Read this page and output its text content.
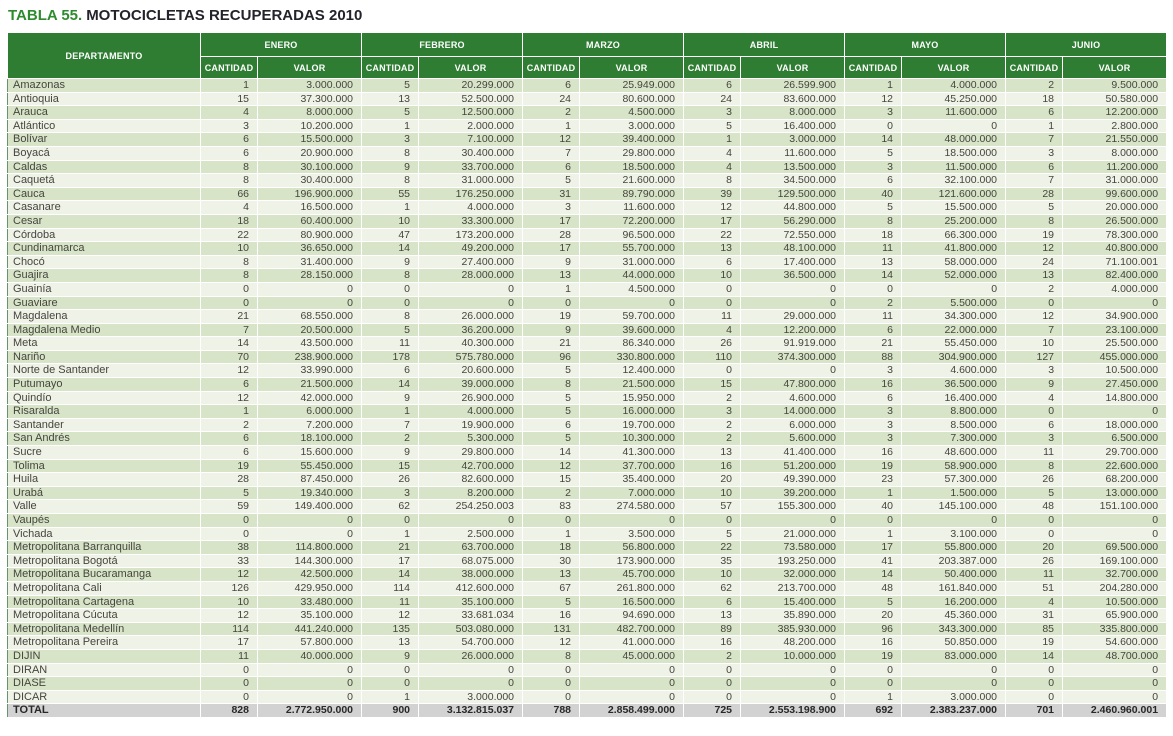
TABLA 55. MOTOCICLETAS RECUPERADAS 2010
DEPARTAMENTO	ENERO		FEBRERO		MARZO		ABRIL		MAYO		JUNIO	
	CANTIDAD	VALOR	CANTIDAD	VALOR	CANTIDAD	VALOR	CANTIDAD	VALOR	CANTIDAD	VALOR	CANTIDAD	VALOR
Amazonas	1	3.000.000	5	20.299.000	6	25.949.000	6	26.599.900	1	4.000.000	2	9.500.000
Antioquia	15	37.300.000	13	52.500.000	24	80.600.000	24	83.600.000	12	45.250.000	18	50.580.000
Arauca	4	8.000.000	5	12.500.000	2	4.500.000	3	8.000.000	3	11.600.000	6	12.200.000
Atlántico	3	10.200.000	1	2.000.000	1	3.000.000	5	16.400.000	0	0	1	2.800.000
Bolívar	6	15.500.000	3	7.100.000	12	39.400.000	1	3.000.000	14	48.000.000	7	21.550.000
Boyacá	6	20.900.000	8	30.400.000	7	29.800.000	4	11.600.000	5	18.500.000	3	8.000.000
Caldas	8	30.100.000	9	33.700.000	6	18.500.000	4	13.500.000	3	11.500.000	6	11.200.000
Caquetá	8	30.400.000	8	31.000.000	5	21.600.000	8	34.500.000	6	32.100.000	7	31.000.000
Cauca	66	196.900.000	55	176.250.000	31	89.790.000	39	129.500.000	40	121.600.000	28	99.600.000
Casanare	4	16.500.000	1	4.000.000	3	11.600.000	12	44.800.000	5	15.500.000	5	20.000.000
Cesar	18	60.400.000	10	33.300.000	17	72.200.000	17	56.290.000	8	25.200.000	8	26.500.000
Córdoba	22	80.900.000	47	173.200.000	28	96.500.000	22	72.550.000	18	66.300.000	19	78.300.000
Cundinamarca	10	36.650.000	14	49.200.000	17	55.700.000	13	48.100.000	11	41.800.000	12	40.800.000
Chocó	8	31.400.000	9	27.400.000	9	31.000.000	6	17.400.000	13	58.000.000	24	71.100.001
Guajira	8	28.150.000	8	28.000.000	13	44.000.000	10	36.500.000	14	52.000.000	13	82.400.000
Guainía	0	0	0	0	1	4.500.000	0	0	0	0	2	4.000.000
Guaviare	0	0	0	0	0	0	0	0	2	5.500.000	0	0
Magdalena	21	68.550.000	8	26.000.000	19	59.700.000	11	29.000.000	11	34.300.000	12	34.900.000
Magdalena Medio	7	20.500.000	5	36.200.000	9	39.600.000	4	12.200.000	6	22.000.000	7	23.100.000
Meta	14	43.500.000	11	40.300.000	21	86.340.000	26	91.919.000	21	55.450.000	10	25.500.000
Nariño	70	238.900.000	178	575.780.000	96	330.800.000	110	374.300.000	88	304.900.000	127	455.000.000
Norte de Santander	12	33.990.000	6	20.600.000	5	12.400.000	0	0	3	4.600.000	3	10.500.000
Putumayo	6	21.500.000	14	39.000.000	8	21.500.000	15	47.800.000	16	36.500.000	9	27.450.000
Quindío	12	42.000.000	9	26.900.000	5	15.950.000	2	4.600.000	6	16.400.000	4	14.800.000
Risaralda	1	6.000.000	1	4.000.000	5	16.000.000	3	14.000.000	3	8.800.000	0	0
Santander	2	7.200.000	7	19.900.000	6	19.700.000	2	6.000.000	3	8.500.000	6	18.000.000
San Andrés	6	18.100.000	2	5.300.000	5	10.300.000	2	5.600.000	3	7.300.000	3	6.500.000
Sucre	6	15.600.000	9	29.800.000	14	41.300.000	13	41.400.000	16	48.600.000	11	29.700.000
Tolima	19	55.450.000	15	42.700.000	12	37.700.000	16	51.200.000	19	58.900.000	8	22.600.000
Huila	28	87.450.000	26	82.600.000	15	35.400.000	20	49.390.000	23	57.300.000	26	68.200.000
Urabá	5	19.340.000	3	8.200.000	2	7.000.000	10	39.200.000	1	1.500.000	5	13.000.000
Valle	59	149.400.000	62	254.250.003	83	274.580.000	57	155.300.000	40	145.100.000	48	151.100.000
Vaupés	0	0	0	0	0	0	0	0	0	0	0	0
Vichada	0	0	1	2.500.000	1	3.500.000	5	21.000.000	1	3.100.000	0	0
Metropolitana Barranquilla	38	114.800.000	21	63.700.000	18	56.800.000	22	73.580.000	17	55.800.000	20	69.500.000
Metropolitana Bogotá	33	144.300.000	17	68.075.000	30	173.900.000	35	193.250.000	41	203.387.000	26	169.100.000
Metropolitana Bucaramanga	12	42.500.000	14	38.000.000	13	45.700.000	10	32.000.000	14	50.400.000	11	32.700.000
Metropolitana Cali	126	429.950.000	114	412.600.000	67	261.800.000	62	213.700.000	48	161.840.000	51	204.280.000
Metropolitana Cartagena	10	33.480.000	11	35.100.000	5	16.500.000	6	15.400.000	5	16.200.000	4	10.500.000
Metropolitana Cúcuta	12	35.100.000	12	33.681.034	16	94.690.000	13	35.890.000	20	45.360.000	31	65.900.000
Metropolitana Medellín	114	441.240.000	135	503.080.000	131	482.700.000	89	385.930.000	96	343.300.000	85	335.800.000
Metropolitana Pereira	17	57.800.000	13	54.700.000	12	41.000.000	16	48.200.000	16	50.850.000	19	54.600.000
DIJIN	11	40.000.000	9	26.000.000	8	45.000.000	2	10.000.000	19	83.000.000	14	48.700.000
DIRAN	0	0	0	0	0	0	0	0	0	0	0	0
DIASE	0	0	0	0	0	0	0	0	0	0	0	0
DICAR	0	0	1	3.000.000	0	0	0	0	1	3.000.000	0	0
TOTAL	828	2.772.950.000	900	3.132.815.037	788	2.858.499.000	725	2.553.198.900	692	2.383.237.000	701	2.460.960.001
